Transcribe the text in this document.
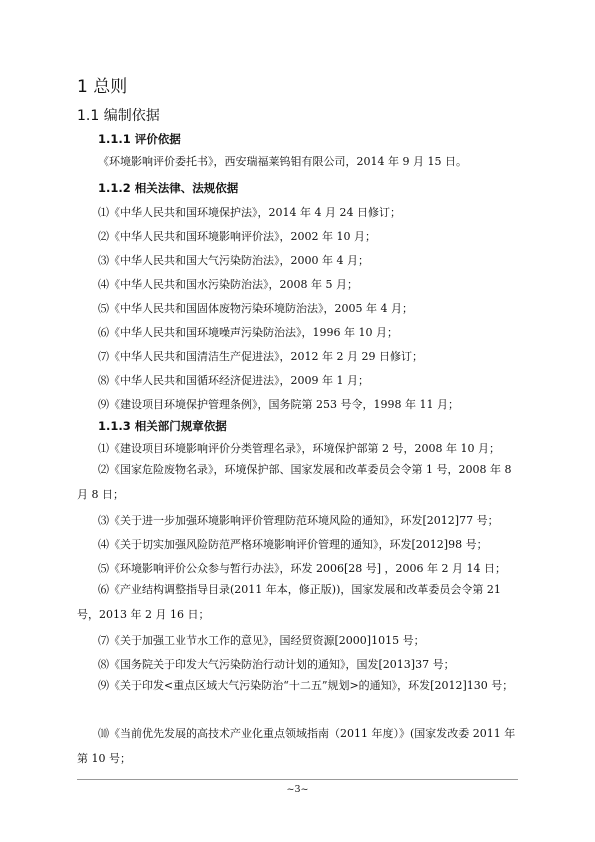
1 总则
1.1 编制依据
1.1.1 评价依据
《环境影响评价委托书》，西安瑞福莱钨钼有限公司，2014 年 9 月 15 日。
1.1.2 相关法律、法规依据
⑴《中华人民共和国环境保护法》，2014 年 4 月 24 日修订；
⑵《中华人民共和国环境影响评价法》，2002 年 10 月；
⑶《中华人民共和国大气污染防治法》，2000 年 4 月；
⑷《中华人民共和国水污染防治法》，2008 年 5 月；
⑸《中华人民共和国固体废物污染环境防治法》，2005 年 4 月；
⑹《中华人民共和国环境噪声污染防治法》，1996 年 10 月；
⑺《中华人民共和国清洁生产促进法》，2012 年 2 月 29 日修订；
⑻《中华人民共和国循环经济促进法》，2009 年 1 月；
⑼《建设项目环境保护管理条例》，国务院第 253 号令，1998 年 11 月；
1.1.3 相关部门规章依据
⑴《建设项目环境影响评价分类管理名录》，环境保护部第 2 号，2008 年 10 月；
⑵《国家危险废物名录》，环境保护部、国家发展和改革委员会令第 1 号，2008 年 8 月 8 日；
⑶《关于进一步加强环境影响评价管理防范环境风险的通知》，环发[2012]77 号；
⑷《关于切实加强风险防范严格环境影响评价管理的通知》，环发[2012]98 号；
⑸《环境影响评价公众参与暂行办法》，环发 2006[28 号] ，2006 年 2 月 14 日；
⑹《产业结构调整指导目录(2011 年本，修正版))，国家发展和改革委员会令第 21 号，2013 年 2 月 16 日；
⑺《关于加强工业节水工作的意见》，国经贸资源[2000]1015 号；
⑻《国务院关于印发大气污染防治行动计划的通知》，国发[2013]37 号；
⑼《关于印发<重点区域大气污染防治“十二五”规划>的通知》，环发[2012]130 号；
⑽《当前优先发展的高技术产业化重点领域指南（2011 年度）》(国家发改委 2011 年第 10 号；
~3~
